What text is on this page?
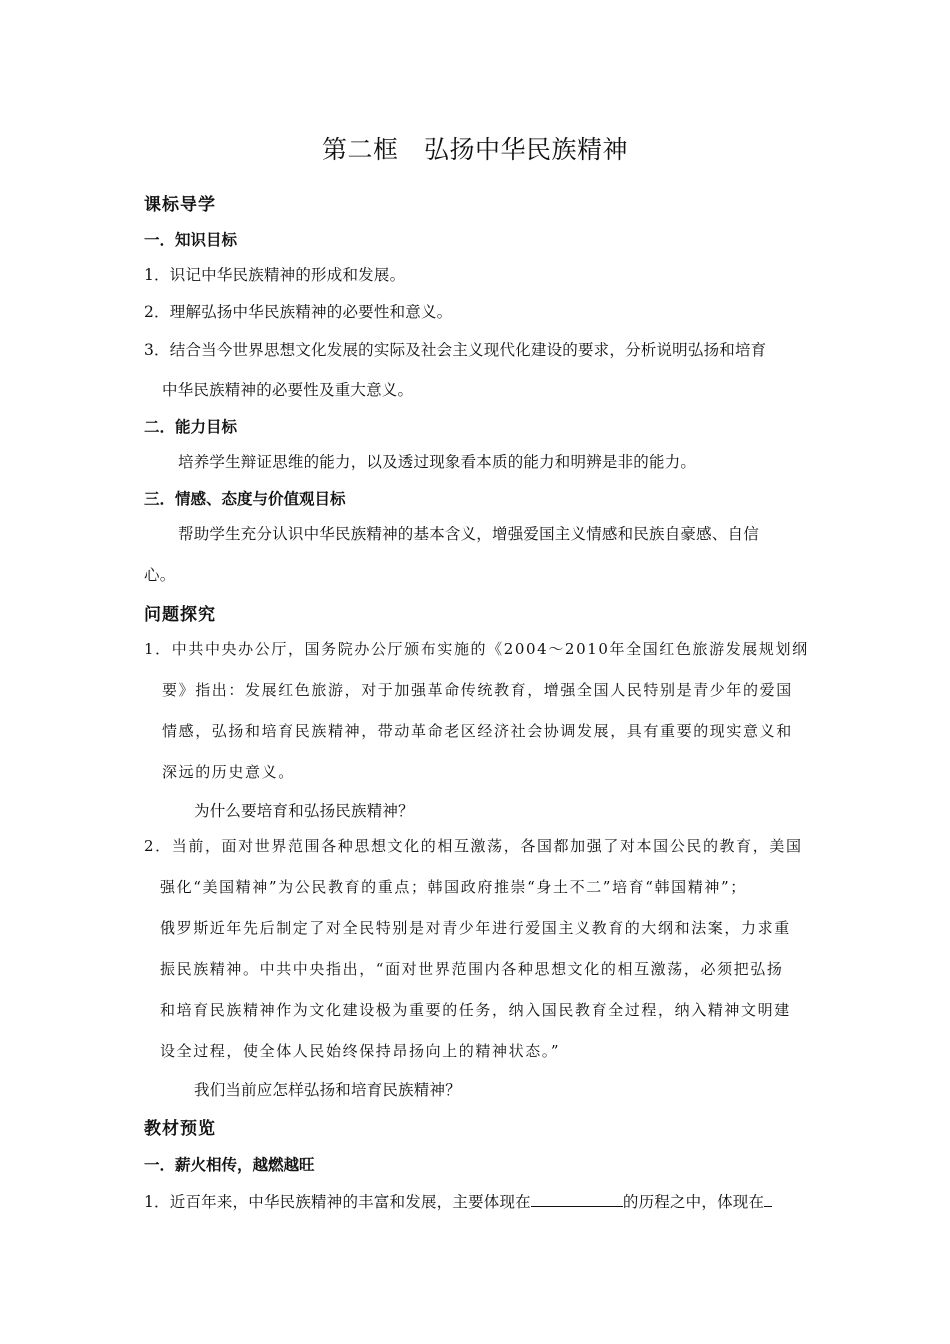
第二框　弘扬中华民族精神
课标导学
一．知识目标
1．识记中华民族精神的形成和发展。
2．理解弘扬中华民族精神的必要性和意义。
3．结合当今世界思想文化发展的实际及社会主义现代化建设的要求，分析说明弘扬和培育
中华民族精神的必要性及重大意义。
二．能力目标
培养学生辩证思维的能力，以及透过现象看本质的能力和明辨是非的能力。
三．情感、态度与价值观目标
帮助学生充分认识中华民族精神的基本含义，增强爱国主义情感和民族自豪感、自信
心。
问题探究
1．中共中央办公厅，国务院办公厅颁布实施的《2004～2010年全国红色旅游发展规划纲
要》指出：发展红色旅游，对于加强革命传统教育，增强全国人民特别是青少年的爱国
情感，弘扬和培育民族精神，带动革命老区经济社会协调发展，具有重要的现实意义和
深远的历史意义。
为什么要培育和弘扬民族精神？
2．当前，面对世界范围各种思想文化的相互激荡，各国都加强了对本国公民的教育，美国
强化“美国精神”为公民教育的重点；韩国政府推崇“身土不二”培育“韩国精神”；
俄罗斯近年先后制定了对全民特别是对青少年进行爱国主义教育的大纲和法案，力求重
振民族精神。中共中央指出，“面对世界范围内各种思想文化的相互激荡，必须把弘扬
和培育民族精神作为文化建设极为重要的任务，纳入国民教育全过程，纳入精神文明建
设全过程，使全体人民始终保持昂扬向上的精神状态。”
我们当前应怎样弘扬和培育民族精神？
教材预览
一．薪火相传，越燃越旺
1．近百年来，中华民族精神的丰富和发展，主要体现在	的历程之中，体现在
